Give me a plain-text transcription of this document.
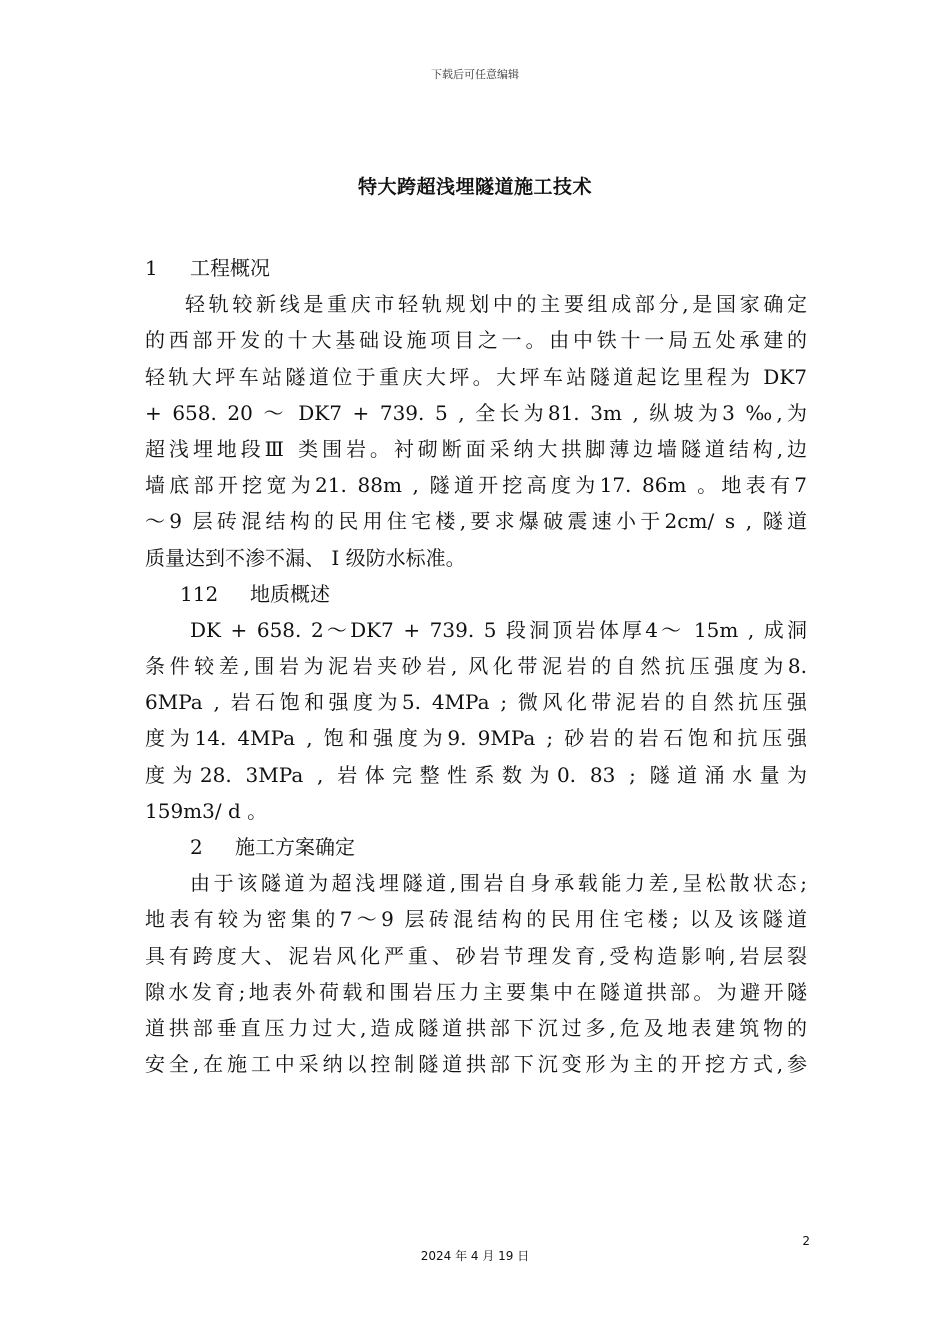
下载后可任意编辑
特大跨超浅埋隧道施工技术
1 工程概况
轻轨较新线是重庆市轻轨规划中的主要组成部分,是国家确定
的西部开发的十大基础设施项目之一。由中铁十一局五处承建的
轻轨大坪车站隧道位于重庆大坪。大坪车站隧道起讫里程为 DK7
+ 658. 20 ～ DK7 + 739. 5 , 全长为81. 3m , 纵坡为3 ‰,为
超浅埋地段Ⅲ 类围岩。衬砌断面采纳大拱脚薄边墙隧道结构,边
墙底部开挖宽为21. 88m , 隧道开挖高度为17. 86m 。地表有7
～9 层砖混结构的民用住宅楼,要求爆破震速小于2cm/ s , 隧道
质量达到不渗不漏、 I 级防水标准。
112 地质概述
DK + 658. 2～DK7 + 739. 5 段洞顶岩体厚4～ 15m , 成洞
条件较差,围岩为泥岩夹砂岩, 风化带泥岩的自然抗压强度为8.
6MPa , 岩石饱和强度为5. 4MPa ; 微风化带泥岩的自然抗压强
度为14. 4MPa , 饱和强度为9. 9MPa ; 砂岩的岩石饱和抗压强
度为28. 3MPa , 岩体完整性系数为0. 83 ; 隧道涌水量为
159m3/ d 。
2 施工方案确定
由于该隧道为超浅埋隧道,围岩自身承载能力差,呈松散状态;
地表有较为密集的7～9 层砖混结构的民用住宅楼; 以及该隧道
具有跨度大、泥岩风化严重、砂岩节理发育,受构造影响,岩层裂
隙水发育;地表外荷载和围岩压力主要集中在隧道拱部。为避开隧
道拱部垂直压力过大,造成隧道拱部下沉过多,危及地表建筑物的
安全,在施工中采纳以控制隧道拱部下沉变形为主的开挖方式,参
2
2024 年 4 月 19 日
